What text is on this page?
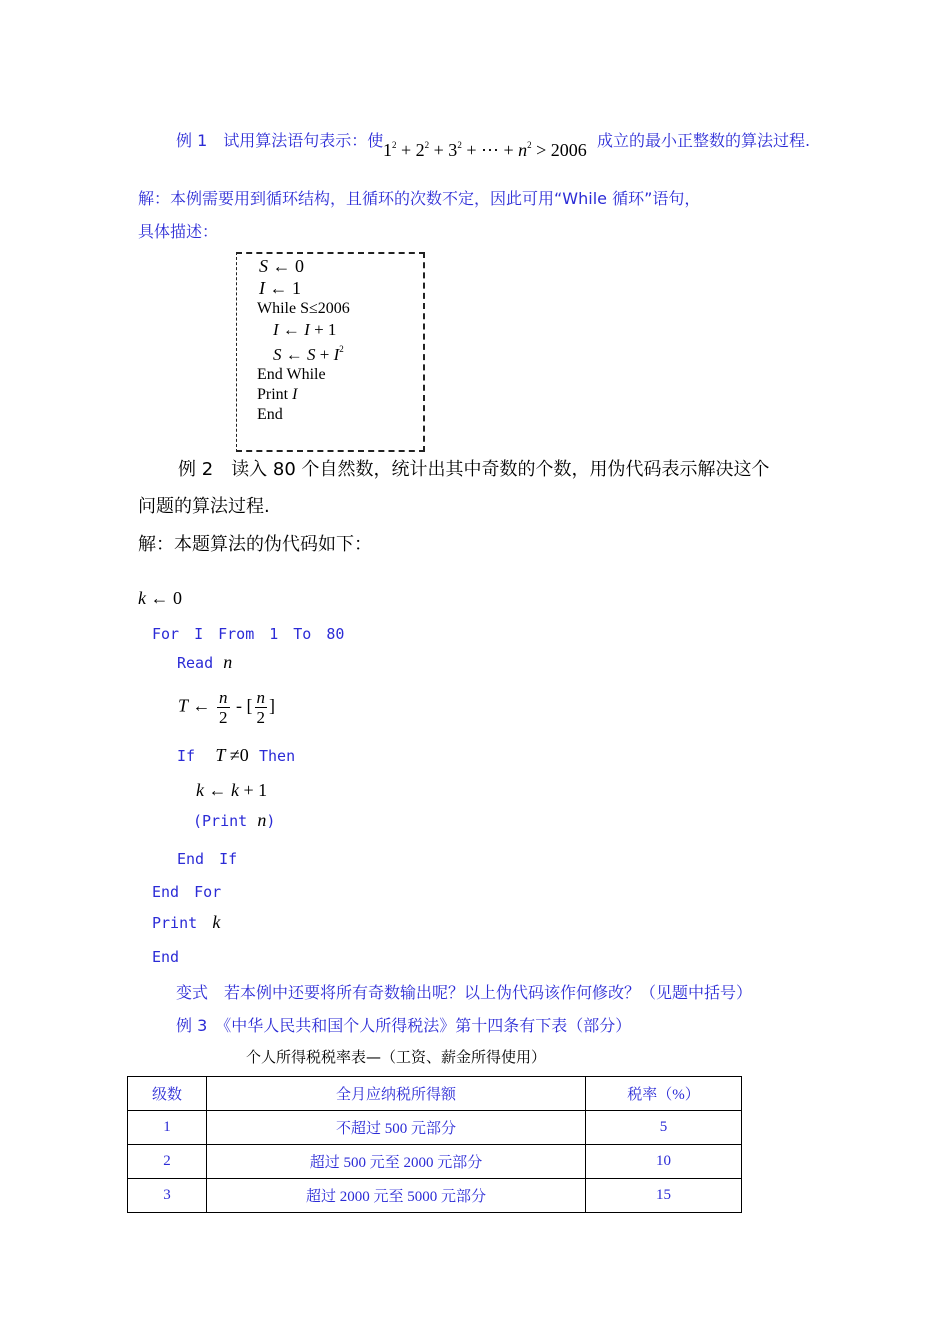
例 1　试用算法语句表示：使 $1^2 + 2^2 + 3^2$ + ⋯ + $n^2 > 2006$ 成立的最小正整数的算法过程.
解：本例需要用到循环结构，且循环的次数不定，因此可用“While 循环”语句，
具体描述：
S ← 0
I ← 1
While S≤2006
I ← I + 1
S ← $S + I^2$
End While
Print I
End
例 2　读入 80 个自然数，统计出其中奇数的个数，用伪代码表示解决这个
问题的算法过程.
解：本题算法的伪代码如下：
k ← 0
For　I　From　1　To　80
Read n
T ← $\frac{n}{2}$ - [ $\frac{n}{2}$ ]
If T ≠0 Then
k ← k + 1
(Print n)
End　If
End　For
Print k
End
变式　若本例中还要将所有奇数输出呢？以上伪代码该作何修改？（见题中括号）
例 3　《中华人民共和国个人所得税法》第十四条有下表（部分）
个人所得税税率表—（工资、薪金所得使用）
级数	全月应纳税所得额	税率（%）
1	不超过 500 元部分	5
2	超过 500 元至 2000 元部分	10
3	超过 2000 元至 5000 元部分	15
